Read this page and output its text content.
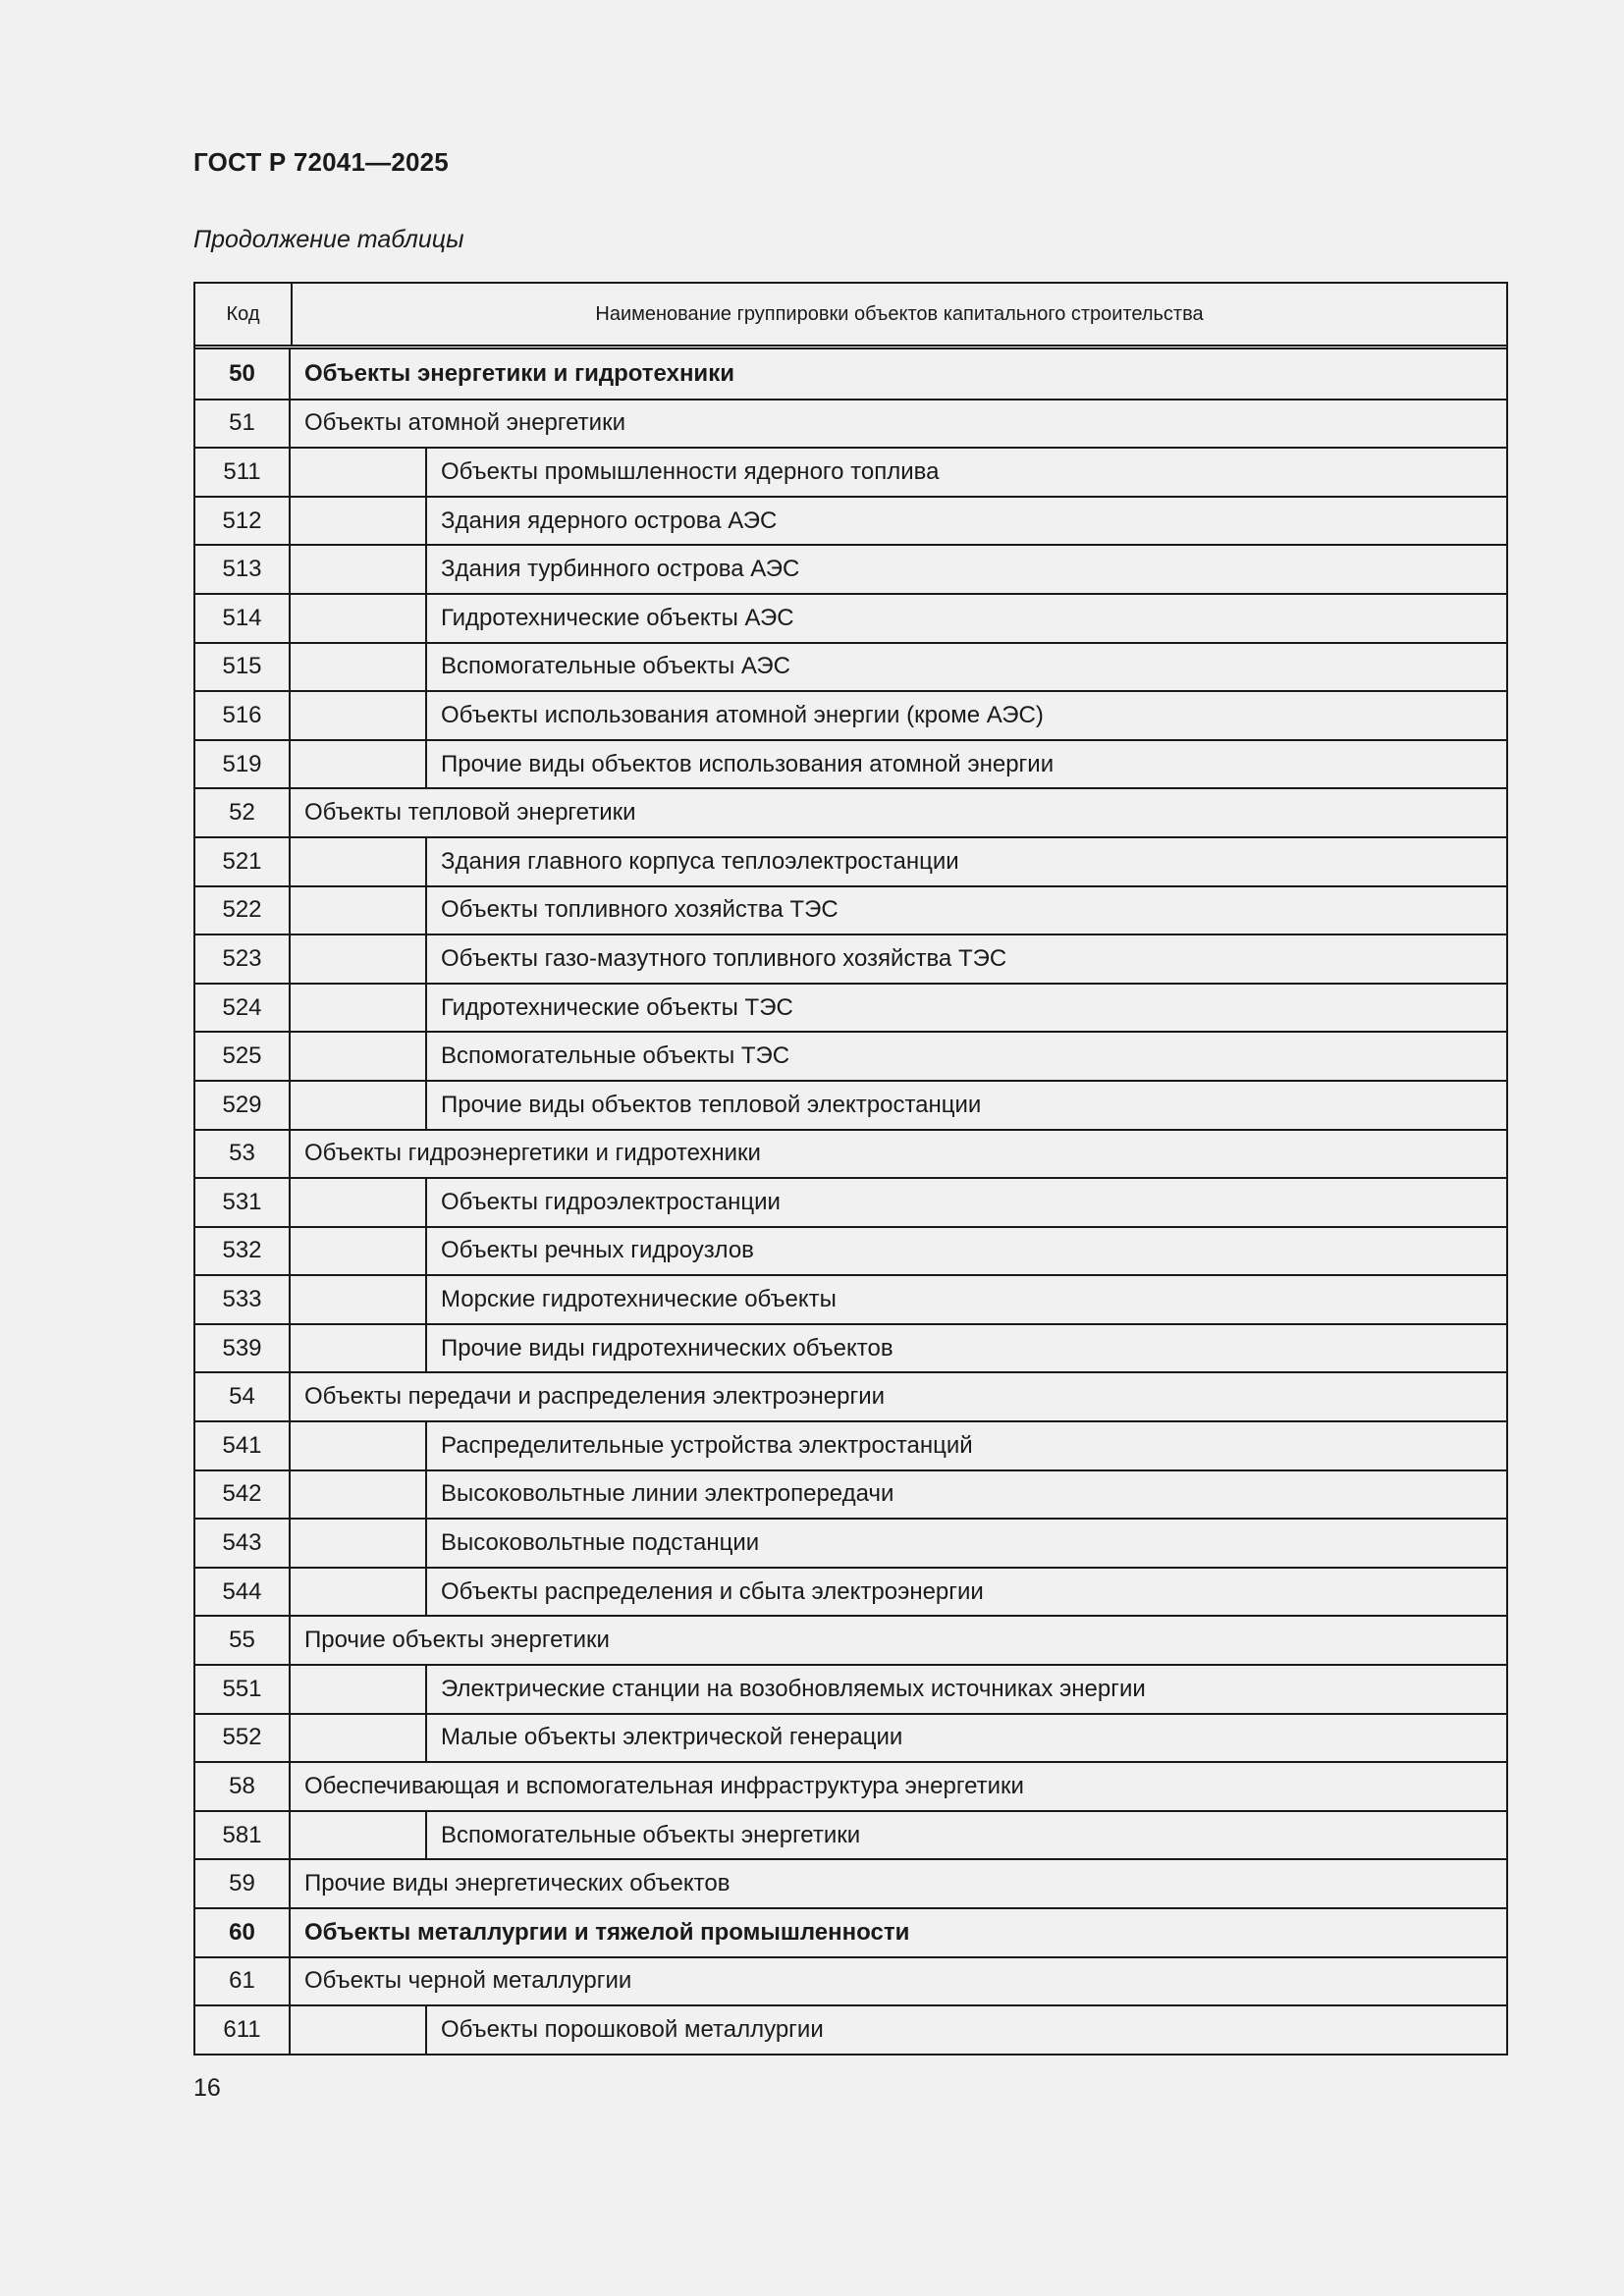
ГОСТ Р 72041—2025
Продолжение таблицы
Код	Наименование группировки объектов капитального строительства
50	Объекты энергетики и гидротехники
51	Объекты атомной энергетики
511	Объекты промышленности ядерного топлива
512	Здания ядерного острова АЭС
513	Здания турбинного острова АЭС
514	Гидротехнические объекты АЭС
515	Вспомогательные объекты АЭС
516	Объекты использования атомной энергии (кроме АЭС)
519	Прочие виды объектов использования атомной энергии
52	Объекты тепловой энергетики
521	Здания главного корпуса теплоэлектростанции
522	Объекты топливного хозяйства ТЭС
523	Объекты газо-мазутного топливного хозяйства ТЭС
524	Гидротехнические объекты ТЭС
525	Вспомогательные объекты ТЭС
529	Прочие виды объектов тепловой электростанции
53	Объекты гидроэнергетики и гидротехники
531	Объекты гидроэлектростанции
532	Объекты речных гидроузлов
533	Морские гидротехнические объекты
539	Прочие виды гидротехнических объектов
54	Объекты передачи и распределения электроэнергии
541	Распределительные устройства электростанций
542	Высоковольтные линии электропередачи
543	Высоковольтные подстанции
544	Объекты распределения и сбыта электроэнергии
55	Прочие объекты энергетики
551	Электрические станции на возобновляемых источниках энергии
552	Малые объекты электрической генерации
58	Обеспечивающая и вспомогательная инфраструктура энергетики
581	Вспомогательные объекты энергетики
59	Прочие виды энергетических объектов
60	Объекты металлургии и тяжелой промышленности
61	Объекты черной металлургии
611	Объекты порошковой металлургии
16
